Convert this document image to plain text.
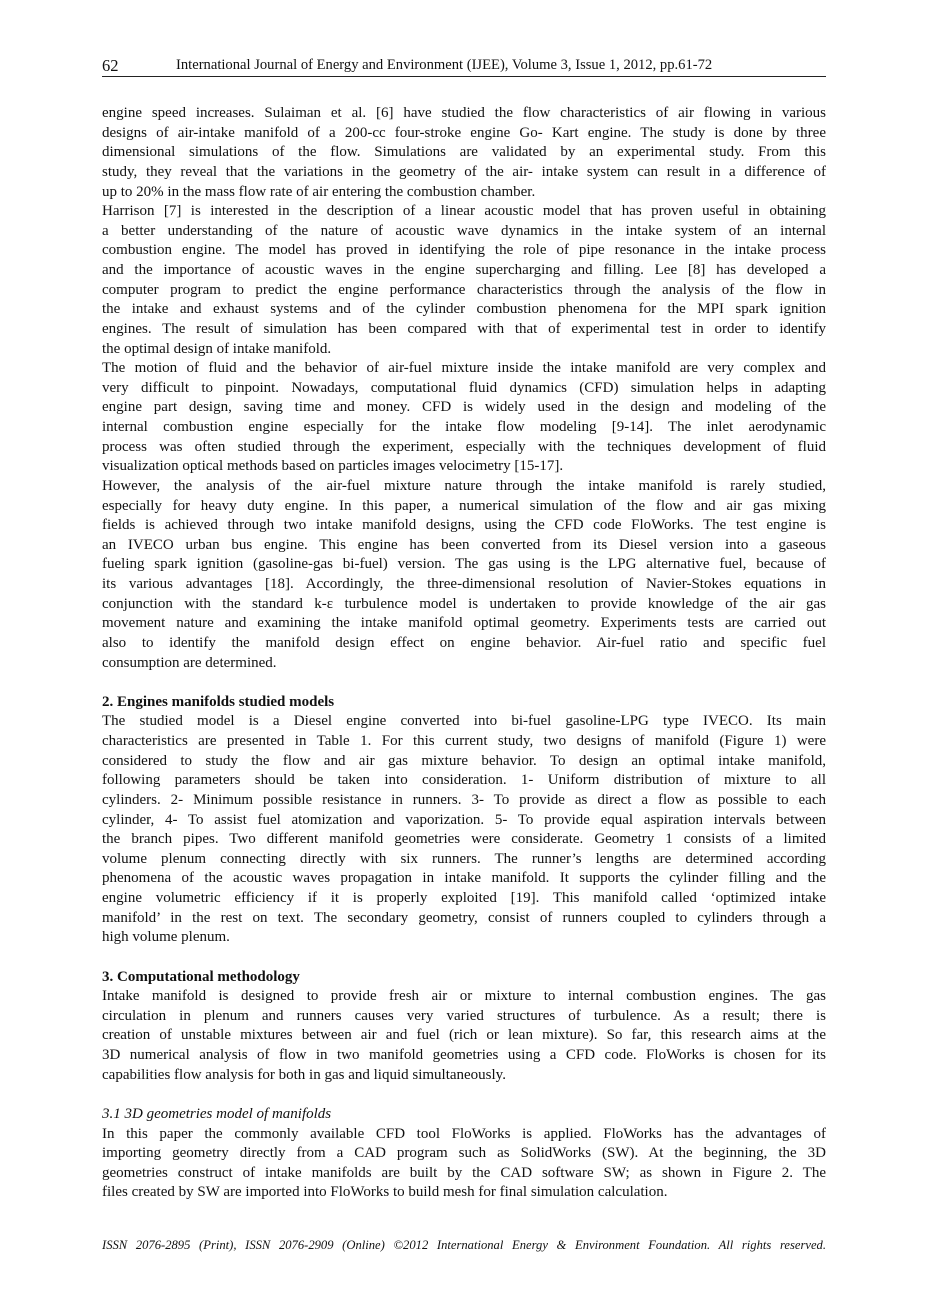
62	International Journal of Energy and Environment (IJEE), Volume 3, Issue 1, 2012, pp.61-72
engine speed increases. Sulaiman et al. [6] have studied the flow characteristics of air flowing in various
designs of air-intake manifold of a 200-cc four-stroke engine Go- Kart engine. The study is done by three
dimensional simulations of the flow. Simulations are validated by an experimental study. From this
study, they reveal that the variations in the geometry of the air- intake system can result in a difference of
up to 20% in the mass flow rate of air entering the combustion chamber.
Harrison [7] is interested in the description of a linear acoustic model that has proven useful in obtaining
a better understanding of the nature of acoustic wave dynamics in the intake system of an internal
combustion engine. The model has proved in identifying the role of pipe resonance in the intake process
and the importance of acoustic waves in the engine supercharging and filling. Lee [8] has developed a
computer program to predict the engine performance characteristics through the analysis of the flow in
the intake and exhaust systems and of the cylinder combustion phenomena for the MPI spark ignition
engines. The result of simulation has been compared with that of experimental test in order to identify
the optimal design of intake manifold.
The motion of fluid and the behavior of air-fuel mixture inside the intake manifold are very complex and
very difficult to pinpoint. Nowadays, computational fluid dynamics (CFD) simulation helps in adapting
engine part design, saving time and money. CFD is widely used in the design and modeling of the
internal combustion engine especially for the intake flow modeling [9-14]. The inlet aerodynamic
process was often studied through the experiment, especially with the techniques development of fluid
visualization optical methods based on particles images velocimetry [15-17].
However, the analysis of the air-fuel mixture nature through the intake manifold is rarely studied,
especially for heavy duty engine. In this paper, a numerical simulation of the flow and air gas mixing
fields is achieved through two intake manifold designs, using the CFD code FloWorks. The test engine is
an IVECO urban bus engine. This engine has been converted from its Diesel version into a gaseous
fueling spark ignition (gasoline-gas bi-fuel) version. The gas using is the LPG alternative fuel, because of
its various advantages [18]. Accordingly, the three-dimensional resolution of Navier-Stokes equations in
conjunction with the standard k-ε turbulence model is undertaken to provide knowledge of the air gas
movement nature and examining the intake manifold optimal geometry. Experiments tests are carried out
also to identify the manifold design effect on engine behavior. Air-fuel ratio and specific fuel
consumption are determined.
2. Engines manifolds studied models
The studied model is a Diesel engine converted into bi-fuel gasoline-LPG type IVECO. Its main
characteristics are presented in Table 1. For this current study, two designs of manifold (Figure 1) were
considered to study the flow and air gas mixture behavior. To design an optimal intake manifold,
following parameters should be taken into consideration. 1- Uniform distribution of mixture to all
cylinders. 2- Minimum possible resistance in runners. 3- To provide as direct a flow as possible to each
cylinder, 4- To assist fuel atomization and vaporization. 5- To provide equal aspiration intervals between
the branch pipes. Two different manifold geometries were considerate. Geometry 1 consists of a limited
volume plenum connecting directly with six runners. The runner’s lengths are determined according
phenomena of the acoustic waves propagation in intake manifold. It supports the cylinder filling and the
engine volumetric efficiency if it is properly exploited [19]. This manifold called ‘optimized intake
manifold’ in the rest on text. The secondary geometry, consist of runners coupled to cylinders through a
high volume plenum.
3. Computational methodology
Intake manifold is designed to provide fresh air or mixture to internal combustion engines. The gas
circulation in plenum and runners causes very varied structures of turbulence. As a result; there is
creation of unstable mixtures between air and fuel (rich or lean mixture). So far, this research aims at the
3D numerical analysis of flow in two manifold geometries using a CFD code. FloWorks is chosen for its
capabilities flow analysis for both in gas and liquid simultaneously.
3.1 3D geometries model of manifolds
In this paper the commonly available CFD tool FloWorks is applied. FloWorks has the advantages of
importing geometry directly from a CAD program such as SolidWorks (SW). At the beginning, the 3D
geometries construct of intake manifolds are built by the CAD software SW; as shown in Figure 2. The
files created by SW are imported into FloWorks to build mesh for final simulation calculation.
ISSN 2076-2895 (Print), ISSN 2076-2909 (Online) ©2012 International Energy & Environment Foundation. All rights reserved.
